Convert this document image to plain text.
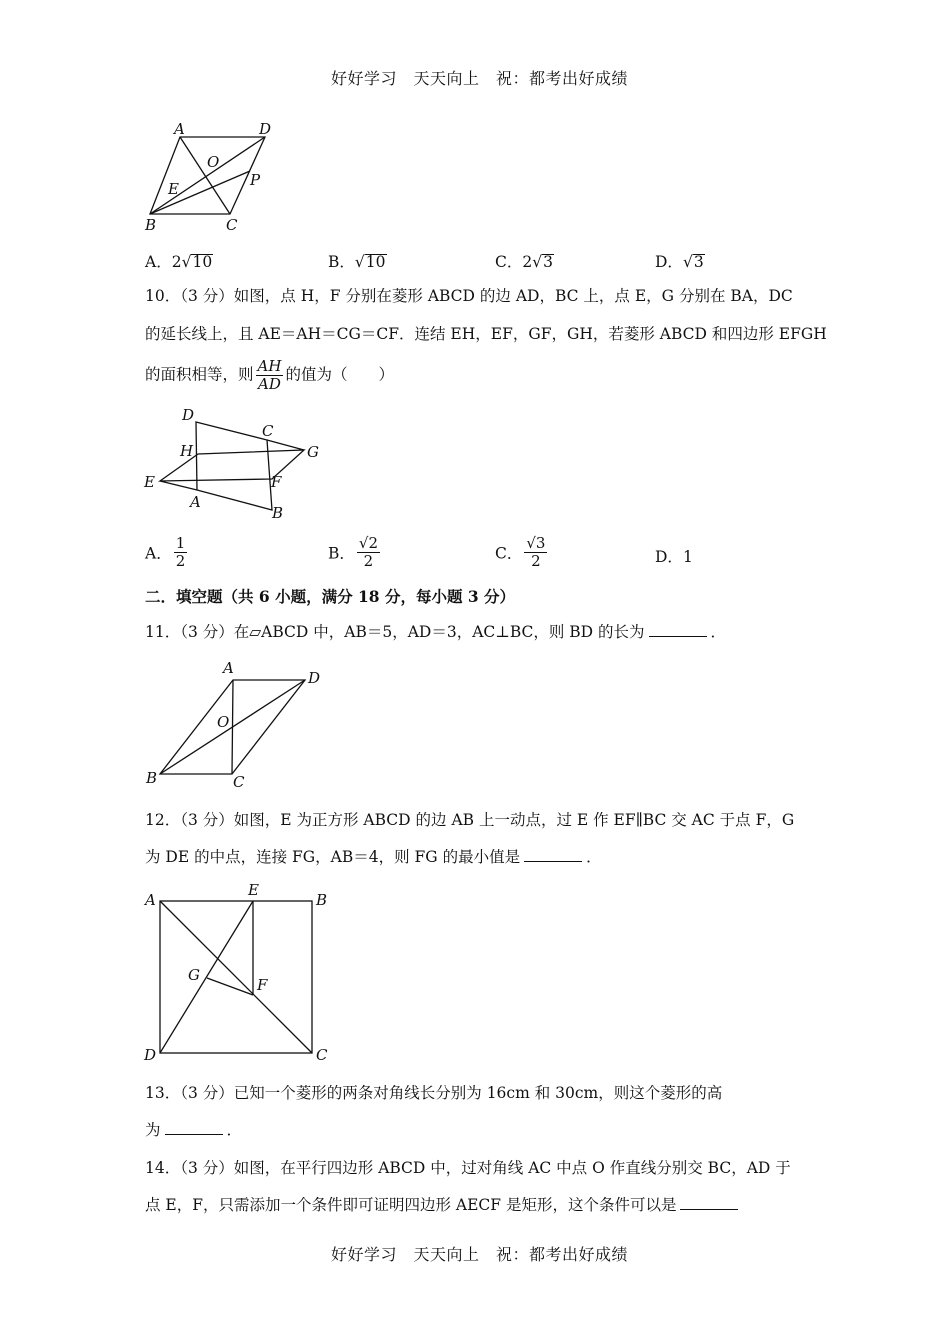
好好学习　天天向上　祝：都考出好成绩
A	D
O
E	P
B	C
A．2√10	B．√10	C．2√3	D．√3
10．（3 分）如图，点 H，F 分别在菱形 ABCD 的边 AD，BC 上，点 E，G 分别在 BA，DC
的延长线上，且 AE＝AH＝CG＝CF．连结 EH，EF，GF，GH，若菱形 ABCD 和四边形 EFGH
的面积相等，则 $\frac{AH}{AD}$ 的值为（　　）
D
C
H	G
E	F
A
B
A． $\frac{1}{2}$	B． $\frac{√2}{2}$	C． $\frac{√3}{2}$	D．1
二．填空题（共 6 小题，满分 18 分，每小题 3 分）
11．（3 分）在▱ABCD 中，AB＝5，AD＝3，AC⊥BC，则 BD 的长为	．
A
D
O
B	C
12．（3 分）如图，E 为正方形 ABCD 的边 AB 上一动点，过 E 作 EF∥BC 交 AC 于点 F，G
为 DE 的中点，连接 FG，AB＝4，则 FG 的最小值是	．
A
E
B
G
F
D	C
13．（3 分）已知一个菱形的两条对角线长分别为 16cm 和 30cm，则这个菱形的高
为	．
14．（3 分）如图，在平行四边形 ABCD 中，过对角线 AC 中点 O 作直线分别交 BC，AD 于
点 E，F，只需添加一个条件即可证明四边形 AECF 是矩形，这个条件可以是
好好学习　天天向上　祝：都考出好成绩
